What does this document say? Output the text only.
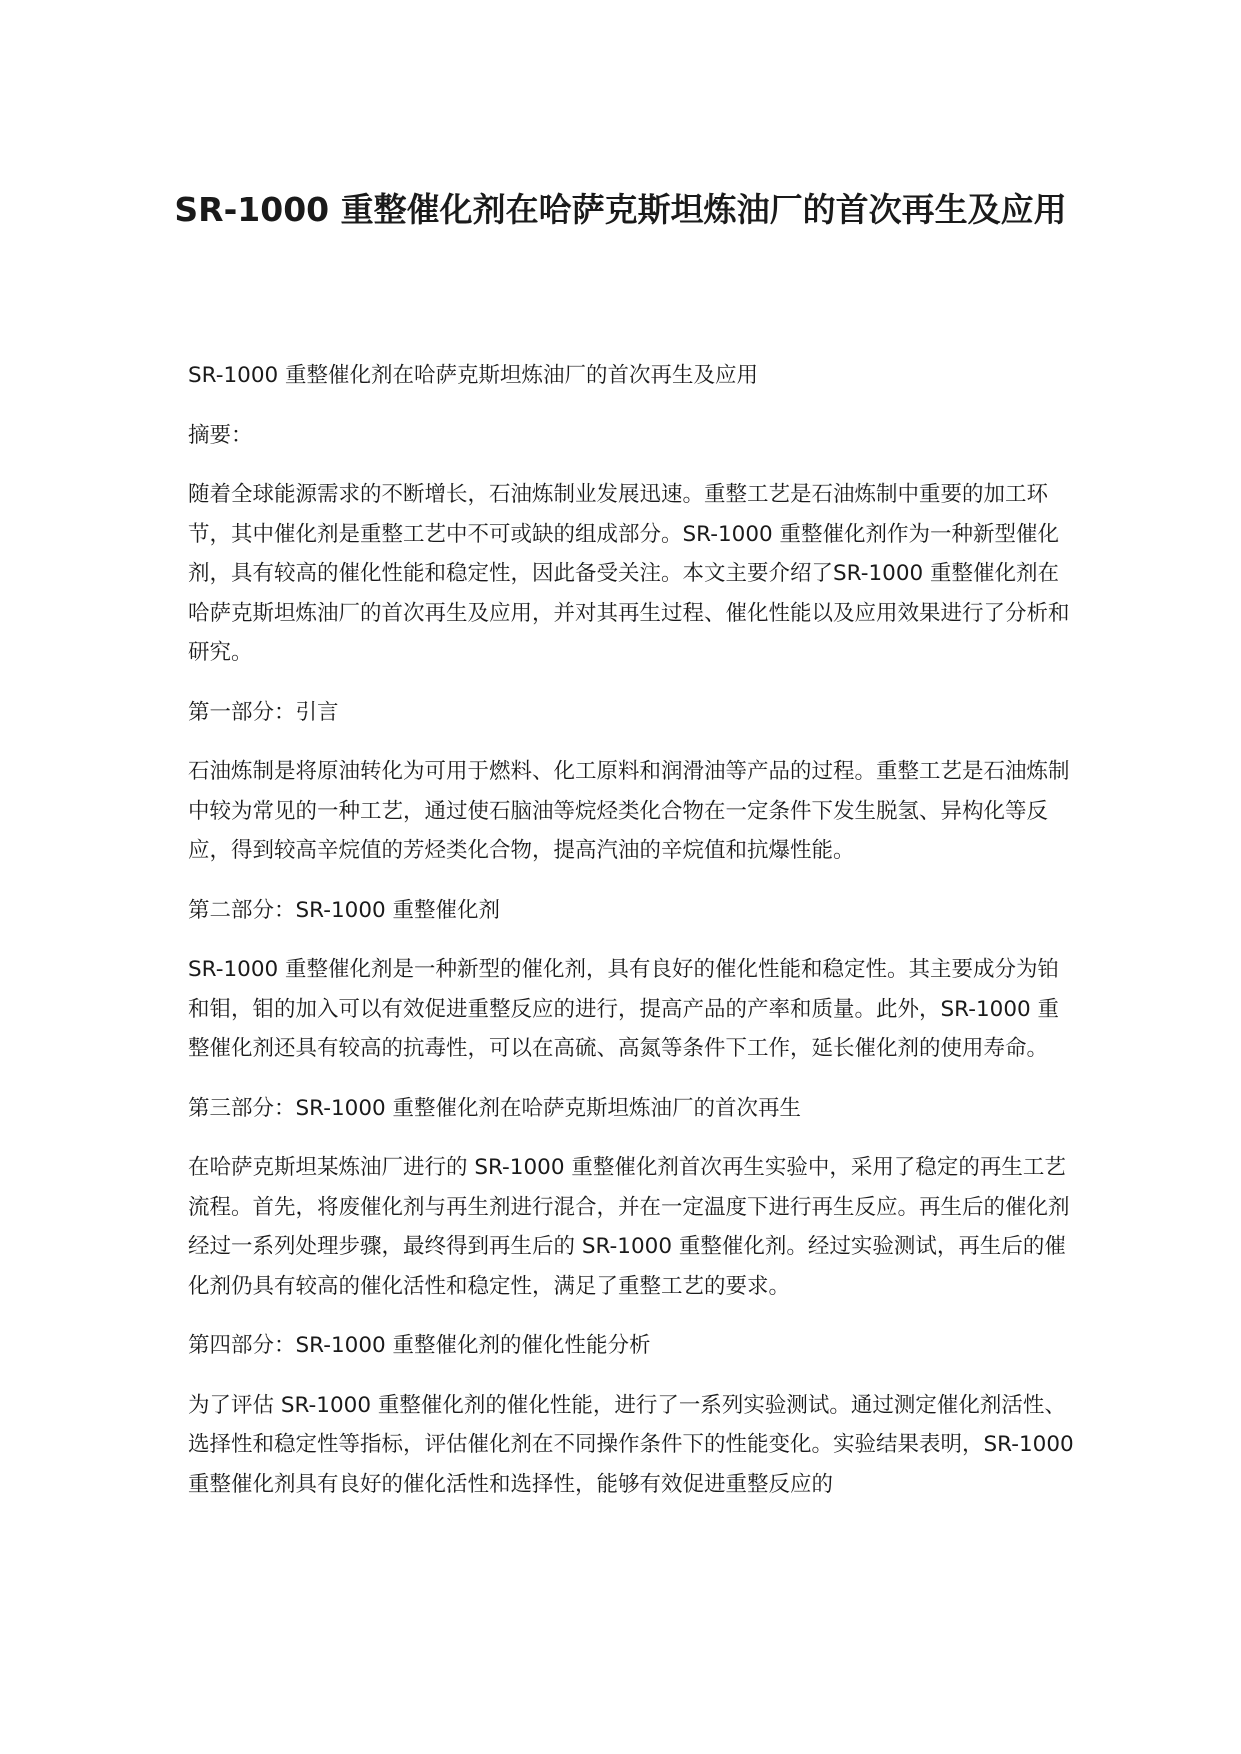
SR-1000 重整催化剂在哈萨克斯坦炼油厂的首次再生及应用

SR-1000 重整催化剂在哈萨克斯坦炼油厂的首次再生及应用

摘要：

随着全球能源需求的不断增长，石油炼制业发展迅速。重整工艺是石油炼制中重要的加工环节，其中催化剂是重整工艺中不可或缺的组成部分。SR-1000 重整催化剂作为一种新型催化剂，具有较高的催化性能和稳定性，因此备受关注。本文主要介绍了SR-1000 重整催化剂在哈萨克斯坦炼油厂的首次再生及应用，并对其再生过程、催化性能以及应用效果进行了分析和研究。

第一部分：引言

石油炼制是将原油转化为可用于燃料、化工原料和润滑油等产品的过程。重整工艺是石油炼制中较为常见的一种工艺，通过使石脑油等烷烃类化合物在一定条件下发生脱氢、异构化等反应，得到较高辛烷值的芳烃类化合物，提高汽油的辛烷值和抗爆性能。

第二部分：SR-1000 重整催化剂

SR-1000 重整催化剂是一种新型的催化剂，具有良好的催化性能和稳定性。其主要成分为铂和钼，钼的加入可以有效促进重整反应的进行，提高产品的产率和质量。此外，SR-1000 重整催化剂还具有较高的抗毒性，可以在高硫、高氮等条件下工作，延长催化剂的使用寿命。

第三部分：SR-1000 重整催化剂在哈萨克斯坦炼油厂的首次再生

在哈萨克斯坦某炼油厂进行的 SR-1000 重整催化剂首次再生实验中，采用了稳定的再生工艺流程。首先，将废催化剂与再生剂进行混合，并在一定温度下进行再生反应。再生后的催化剂经过一系列处理步骤，最终得到再生后的 SR-1000 重整催化剂。经过实验测试，再生后的催化剂仍具有较高的催化活性和稳定性，满足了重整工艺的要求。

第四部分：SR-1000 重整催化剂的催化性能分析

为了评估 SR-1000 重整催化剂的催化性能，进行了一系列实验测试。通过测定催化剂活性、选择性和稳定性等指标，评估催化剂在不同操作条件下的性能变化。实验结果表明，SR-1000 重整催化剂具有良好的催化活性和选择性，能够有效促进重整反应的
